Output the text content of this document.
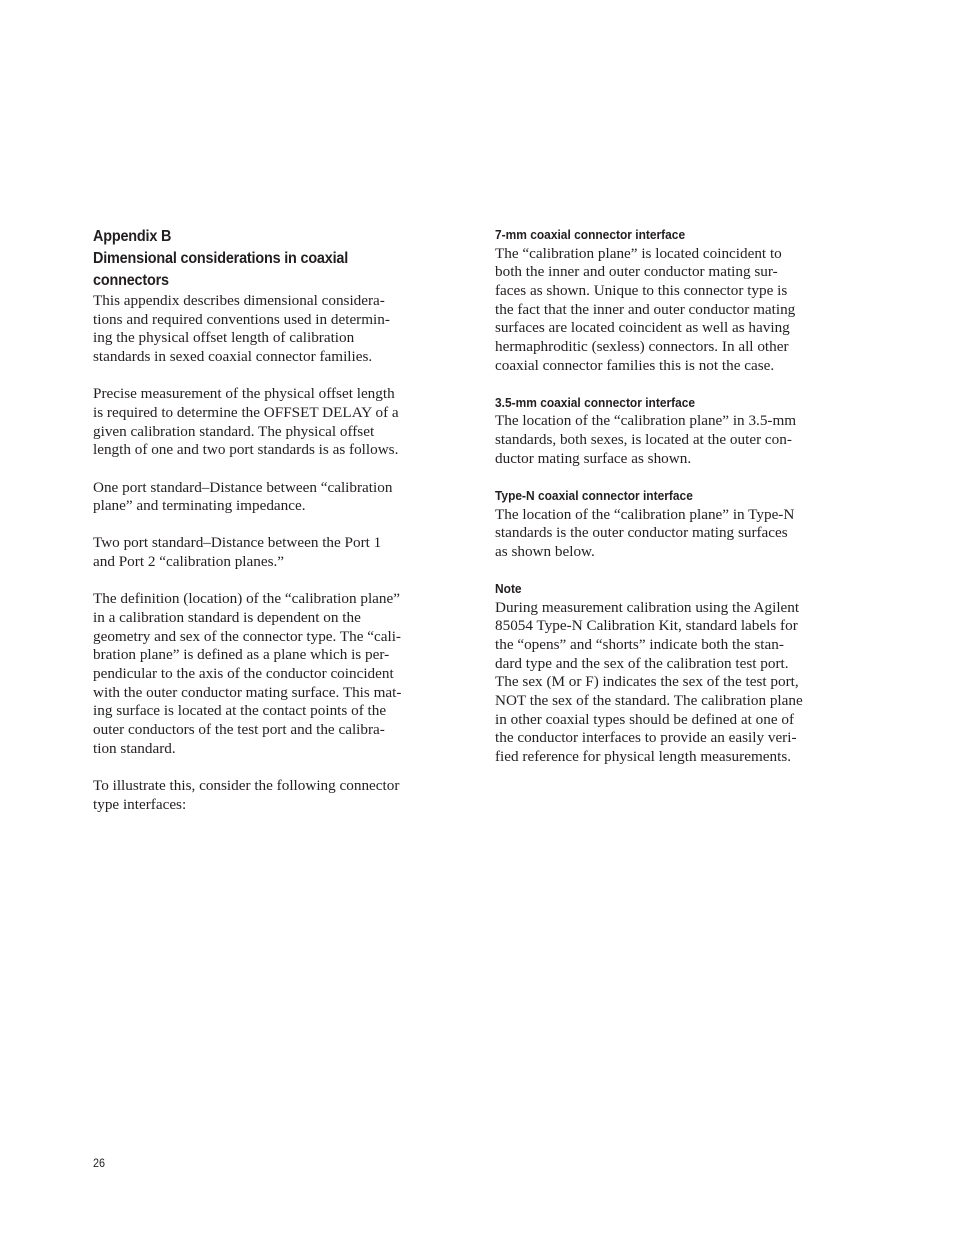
Appendix B
Dimensional considerations in coaxial
connectors
This appendix describes dimensional considera-
tions and required conventions used in determin-
ing the physical offset length of calibration
standards in sexed coaxial connector families.
Precise measurement of the physical offset length
is required to determine the OFFSET DELAY of a
given calibration standard. The physical offset
length of one and two port standards is as follows.
One port standard–Distance between “calibration
plane” and terminating impedance.
Two port standard–Distance between the Port 1
and Port 2 “calibration planes.”
The definition (location) of the “calibration plane”
in a calibration standard is dependent on the
geometry and sex of the connector type. The “cali-
bration plane” is defined as a plane which is per-
pendicular to the axis of the conductor coincident
with the outer conductor mating surface. This mat-
ing surface is located at the contact points of the
outer conductors of the test port and the calibra-
tion standard.
To illustrate this, consider the following connector
type interfaces:
7-mm coaxial connector interface
The “calibration plane” is located coincident to
both the inner and outer conductor mating sur-
faces as shown. Unique to this connector type is
the fact that the inner and outer conductor mating
surfaces are located coincident as well as having
hermaphroditic (sexless) connectors. In all other
coaxial connector families this is not the case.
3.5-mm coaxial connector interface
The location of the “calibration plane” in 3.5-mm
standards, both sexes, is located at the outer con-
ductor mating surface as shown.
Type-N coaxial connector interface
The location of the “calibration plane” in Type-N
standards is the outer conductor mating surfaces
as shown below.
Note
During measurement calibration using the Agilent
85054 Type-N Calibration Kit, standard labels for
the “opens” and “shorts” indicate both the stan-
dard type and the sex of the calibration test port.
The sex (M or F) indicates the sex of the test port,
NOT the sex of the standard. The calibration plane
in other coaxial types should be defined at one of
the conductor interfaces to provide an easily veri-
fied reference for physical length measurements.
26
